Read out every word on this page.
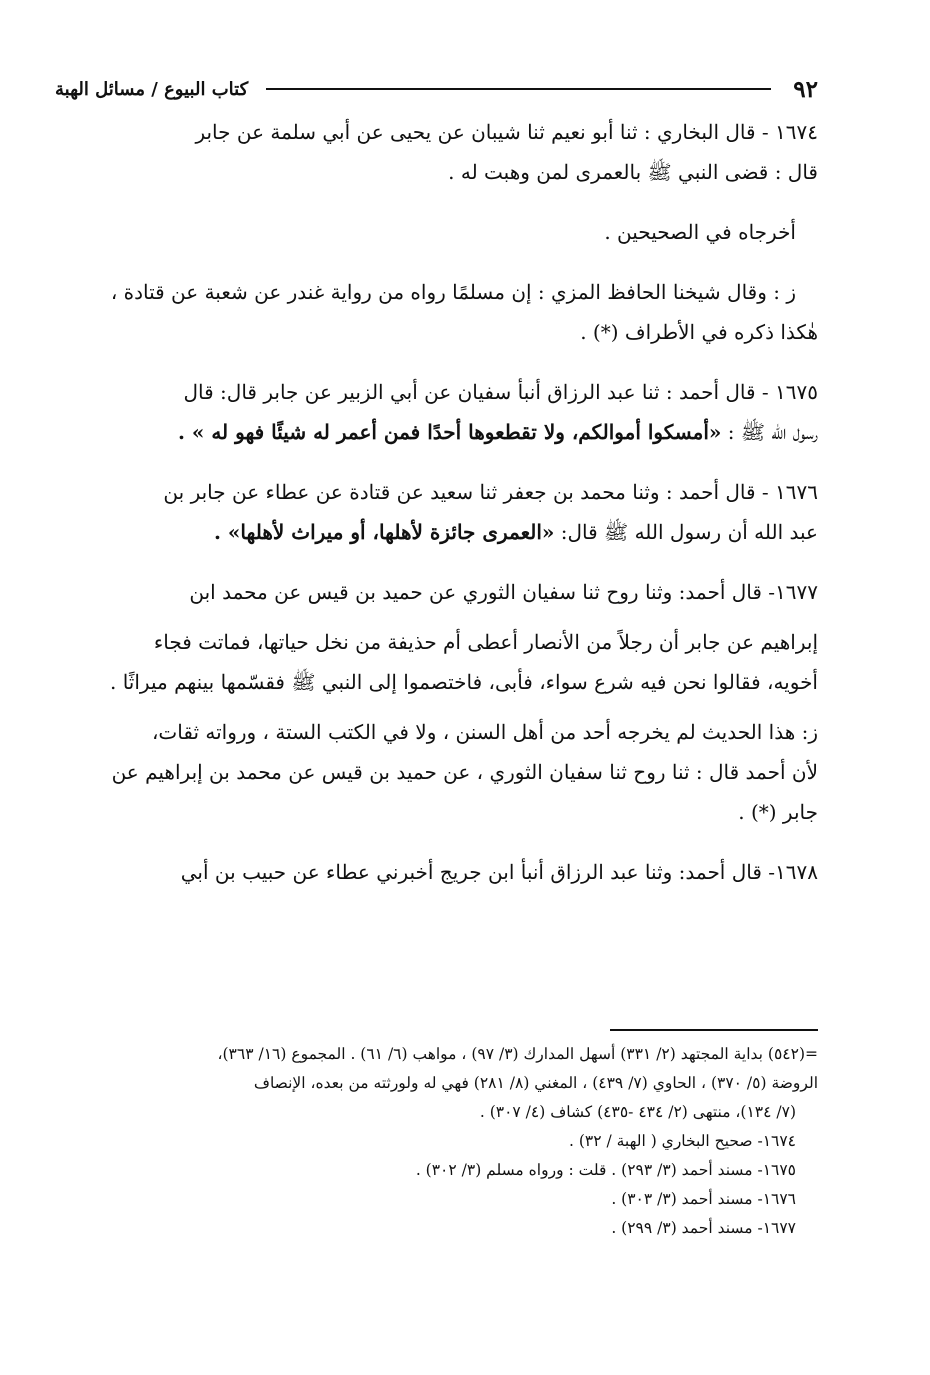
٩٢
كتاب البيوع / مسائل الهبة

١٦٧٤ - قال البخاري : ثنا أبو نعيم ثنا شيبان عن يحيى عن أبي سلمة عن جابر

قال : قضى النبي ﷺ بالعمرى لمن وهبت له .

أخرجاه في الصحيحين .

ز : وقال شيخنا الحافظ المزي : إن مسلمًا رواه من رواية غندر عن شعبة عن قتادة ،

هٰكذا ذكره في الأطراف (*) .

١٦٧٥ - قال أحمد : ثنا عبد الرزاق أنبأ سفيان عن أبي الزبير عن جابر قال: قال

رسول الله ﷺ : «أمسكوا أموالكم، ولا تقطعوها أحدًا فمن أعمر له شيئًا فهو له » .

١٦٧٦ - قال أحمد : وثنا محمد بن جعفر ثنا سعيد عن قتادة عن عطاء عن جابر بن

عبد الله أن رسول الله ﷺ قال: «العمرى جائزة لأهلها، أو ميراث لأهلها» .

١٦٧٧- قال أحمد: وثنا روح ثنا سفيان الثوري عن حميد بن قيس عن محمد ابن

إبراهيم عن جابر أن رجلاً من الأنصار أعطى أم حذيفة من نخل حياتها، فماتت فجاء

أخويه، فقالوا نحن فيه شرع سواء، فأبى، فاختصموا إلى النبي ﷺ فقسّمها بينهم ميراثًا .

ز: هذا الحديث لم يخرجه أحد من أهل السنن ، ولا في الكتب الستة ، ورواته ثقات،

لأن أحمد قال : ثنا روح ثنا سفيان الثوري ، عن حميد بن قيس عن محمد بن إبراهيم عن

جابر (*) .

١٦٧٨- قال أحمد: وثنا عبد الرزاق أنبأ ابن جريج أخبرني عطاء عن حبيب بن أبي

=(٥٤٢) بداية المجتهد (٢/ ٣٣١) أسهل المدارك (٣/ ٩٧) ، مواهب (٦/ ٦١) . المجموع (١٦/ ٣٦٣)،

الروضة (٥/ ٣٧٠) ، الحاوي (٧/ ٤٣٩) ، المغني (٨/ ٢٨١) فهي له ولورثته من بعده، الإنصاف

(٧/ ١٣٤)، منتهى (٢/ ٤٣٤ -٤٣٥) كشاف (٤/ ٣٠٧) .

١٦٧٤- صحيح البخاري ( الهبة / ٣٢) .

١٦٧٥- مسند أحمد (٣/ ٢٩٣) . قلت : ورواه مسلم (٣/ ٣٠٢) .

١٦٧٦- مسند أحمد (٣/ ٣٠٣) .

١٦٧٧- مسند أحمد (٣/ ٢٩٩) .
